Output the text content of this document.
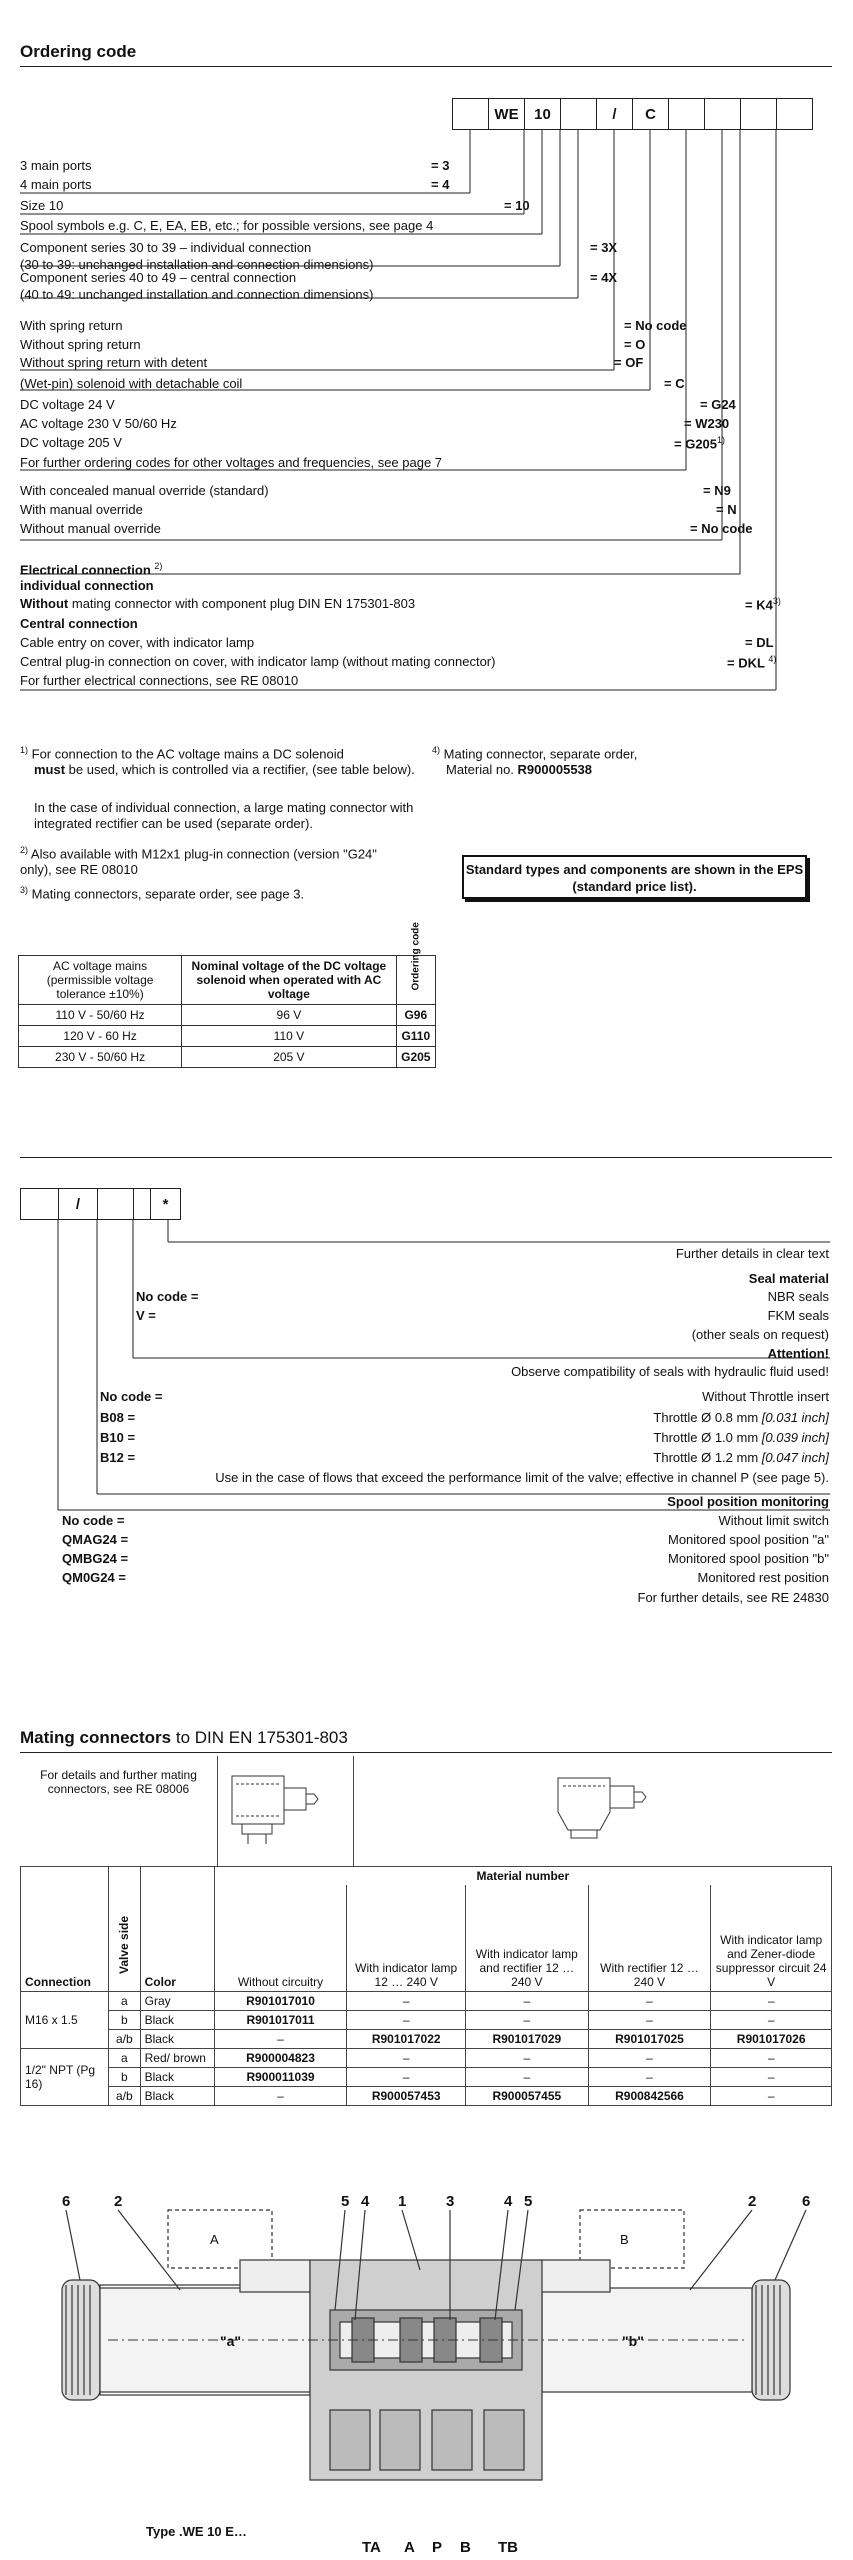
Ordering code
WE	10	/	C
3 main ports	= 3
4 main ports	= 4
Size 10	= 10
Spool symbols e.g. C, E, EA, EB, etc.; for possible versions, see page 4
Component series 30 to 39 – individual connection
(30 to 39: unchanged installation and connection dimensions)
= 3X
Component series 40 to 49 – central connection
(40 to 49: unchanged installation and connection dimensions)
= 4X
With spring return	= No code
Without spring return	= O
Without spring return with detent	= OF
(Wet-pin) solenoid with detachable coil	= C
DC voltage 24 V	= G24
AC voltage 230 V 50/60 Hz	= W230
DC voltage 205 V	= $G205^{1)}$
For further ordering codes for other voltages and frequencies, see page 7
With concealed manual override (standard)	= N9
With manual override	= N
Without manual override	= No code
Electrical connection $^{2)}$
individual connection
Without mating connector with component plug DIN EN 175301-803	= $K4^{3)}$
Central connection
Cable entry on cover, with indicator lamp	= DL
Central plug-in connection on cover, with indicator lamp (without mating connector)	= DKL $^{4)}$
For further electrical connections, see RE 08010
$^{1)}$ For connection to the AC voltage mains a DC solenoid
must be used, which is controlled via a rectifier, (see table below).
In the case of individual connection, a large mating connector with integrated rectifier can be used (separate order).
$^{2)}$ Also available with M12x1 plug-in connection (version "G24" only), see RE 08010
$^{3)}$ Mating connectors, separate order, see page 3.
$^{4)}$ Mating connector, separate order,
Material no. R900005538
Standard types and components are shown in the EPS (standard price list).
AC voltage mains (permissible voltage tolerance ±10%)	Nominal voltage of the DC voltage solenoid when operated with AC voltage	Ordering code

110 V - 50/60 Hz	96 V	G96
120 V - 60 Hz	110 V	G110
230 V - 50/60 Hz	205 V	G205
/	*
Further details in clear text
Seal material
No code =	NBR seals
V =	FKM seals
(other seals on request)
Attention!
Observe compatibility of seals with hydraulic fluid used!
No code =	Without Throttle insert
B08 =	Throttle Ø 0.8 mm [0.031 inch]
B10 =	Throttle Ø 1.0 mm [0.039 inch]
B12 =	Throttle Ø 1.2 mm [0.047 inch]
Use in the case of flows that exceed the performance limit of the valve; effective in channel P (see page 5).
Spool position monitoring
No code =	Without limit switch
QMAG24 =	Monitored spool position "a"
QMBG24 =	Monitored spool position "b"
QM0G24 =	Monitored rest position
For further details, see RE 24830
Mating connectors to DIN EN 175301-803
For details and further mating connectors, see RE 08006
Connection	Valve side	Color	Material number				
			Without circuitry	With indicator lamp 12 … 240 V	With indicator lamp and rectifier 12 … 240 V	With rectifier 12 … 240 V	With indicator lamp and Zener-diode suppressor circuit 24 V
M16 x 1.5	a	Gray	R901017010	–	–	–	–
	b	Black	R901017011	–	–	–	–
	a/b	Black	–	R901017022	R901017029	R901017025	R901017026
1/2" NPT (Pg 16)	a	Red/ brown	R900004823	–	–	–	–
	b	Black	R900011039	–	–	–	–
	a/b	Black	–	R900057453	R900057455	R900842566	–
6	2	5 4 1	3	4 5	2	6
A	B
"a"	"b"
Type .WE 10 E…
TA A P B TB
